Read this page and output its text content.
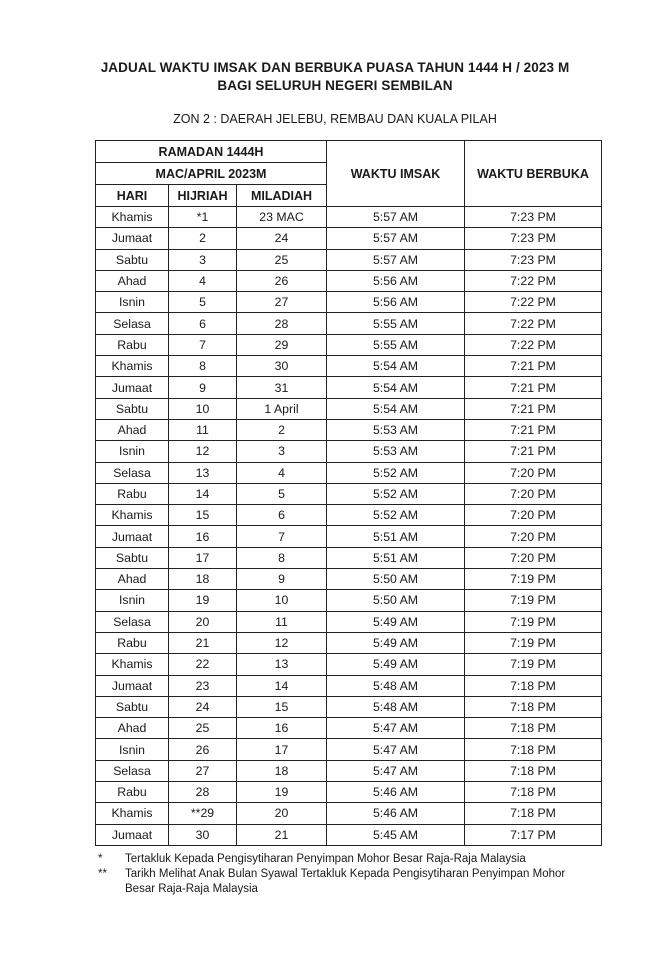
JADUAL WAKTU IMSAK DAN BERBUKA PUASA TAHUN 1444 H / 2023 M
BAGI SELURUH NEGERI SEMBILAN
ZON 2 : DAERAH JELEBU, REMBAU DAN KUALA PILAH
RAMADAN 1444H			WAKTU IMSAK	WAKTU BERBUKA
MAC/APRIL 2023M				
HARI	HIJRIAH	MILADIAH		
Khamis	*1	23 MAC	5:57 AM	7:23 PM
Jumaat	2	24	5:57 AM	7:23 PM
Sabtu	3	25	5:57 AM	7:23 PM
Ahad	4	26	5:56 AM	7:22 PM
Isnin	5	27	5:56 AM	7:22 PM
Selasa	6	28	5:55 AM	7:22 PM
Rabu	7	29	5:55 AM	7:22 PM
Khamis	8	30	5:54 AM	7:21 PM
Jumaat	9	31	5:54 AM	7:21 PM
Sabtu	10	1 April	5:54 AM	7:21 PM
Ahad	11	2	5:53 AM	7:21 PM
Isnin	12	3	5:53 AM	7:21 PM
Selasa	13	4	5:52 AM	7:20 PM
Rabu	14	5	5:52 AM	7:20 PM
Khamis	15	6	5:52 AM	7:20 PM
Jumaat	16	7	5:51 AM	7:20 PM
Sabtu	17	8	5:51 AM	7:20 PM
Ahad	18	9	5:50 AM	7:19 PM
Isnin	19	10	5:50 AM	7:19 PM
Selasa	20	11	5:49 AM	7:19 PM
Rabu	21	12	5:49 AM	7:19 PM
Khamis	22	13	5:49 AM	7:19 PM
Jumaat	23	14	5:48 AM	7:18 PM
Sabtu	24	15	5:48 AM	7:18 PM
Ahad	25	16	5:47 AM	7:18 PM
Isnin	26	17	5:47 AM	7:18 PM
Selasa	27	18	5:47 AM	7:18 PM
Rabu	28	19	5:46 AM	7:18 PM
Khamis	**29	20	5:46 AM	7:18 PM
Jumaat	30	21	5:45 AM	7:17 PM
*	Tertakluk Kepada Pengisytiharan Penyimpan Mohor Besar Raja-Raja Malaysia
**	Tarikh Melihat Anak Bulan Syawal Tertakluk Kepada Pengisytiharan Penyimpan Mohor Besar Raja-Raja Malaysia
